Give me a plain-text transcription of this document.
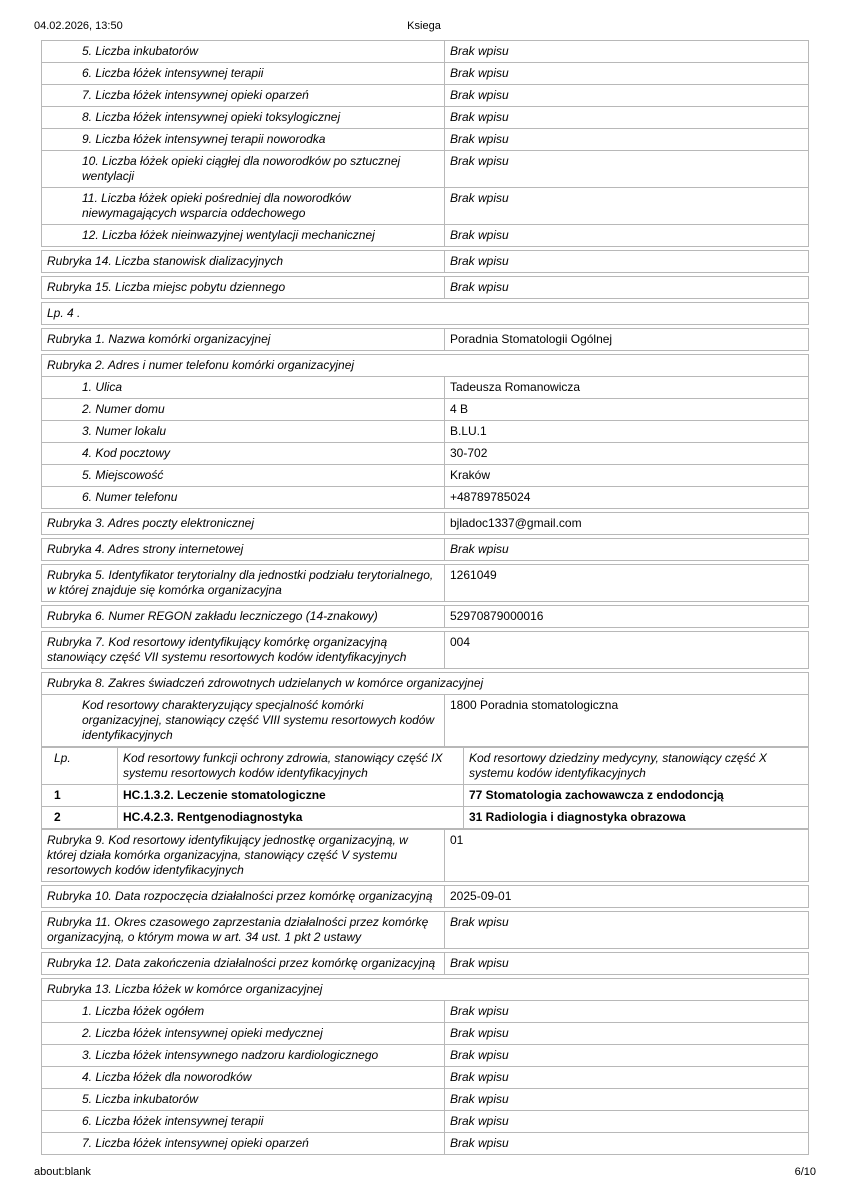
04.02.2026, 13:50	Ksiega
5. Liczba inkubatorów	Brak wpisu
6. Liczba łóżek intensywnej terapii	Brak wpisu
7. Liczba łóżek intensywnej opieki oparzeń	Brak wpisu
8. Liczba łóżek intensywnej opieki toksylogicznej	Brak wpisu
9. Liczba łóżek intensywnej terapii noworodka	Brak wpisu
10. Liczba łóżek opieki ciągłej dla noworodków po sztucznej wentylacji	Brak wpisu
11. Liczba łóżek opieki pośredniej dla noworodków niewymagających wsparcia oddechowego	Brak wpisu
12. Liczba łóżek nieinwazyjnej wentylacji mechanicznej	Brak wpisu

Rubryka 14. Liczba stanowisk dializacyjnych	Brak wpisu

Rubryka 15. Liczba miejsc pobytu dziennego	Brak wpisu

Lp. 4 .	

Rubryka 1. Nazwa komórki organizacyjnej	Poradnia Stomatologii Ogólnej

Rubryka 2. Adres i numer telefonu komórki organizacyjnej	
1. Ulica	Tadeusza Romanowicza
2. Numer domu	4 B
3. Numer lokalu	B.LU.1
4. Kod pocztowy	30-702
5. Miejscowość	Kraków
6. Numer telefonu	+48789785024

Rubryka 3. Adres poczty elektronicznej	bjladoc1337@gmail.com

Rubryka 4. Adres strony internetowej	Brak wpisu

Rubryka 5. Identyfikator terytorialny dla jednostki podziału terytorialnego, w której znajduje się komórka organizacyjna	1261049

Rubryka 6. Numer REGON zakładu leczniczego (14-znakowy)	52970879000016

Rubryka 7. Kod resortowy identyfikujący komórkę organizacyjną stanowiący część VII systemu resortowych kodów identyfikacyjnych	004

Rubryka 8. Zakres świadczeń zdrowotnych udzielanych w komórce organizacyjnej	
Kod resortowy charakteryzujący specjalność komórki organizacyjnej, stanowiący część VIII systemu resortowych kodów identyfikacyjnych	1800 Poradnia stomatologiczna
Lp.	Kod resortowy funkcji ochrony zdrowia, stanowiący część IX systemu resortowych kodów identyfikacyjnych	Kod resortowy dziedziny medycyny, stanowiący część X systemu kodów identyfikacyjnych
1	HC.1.3.2. Leczenie stomatologiczne	77 Stomatologia zachowawcza z endodoncją
2	HC.4.2.3. Rentgenodiagnostyka	31 Radiologia i diagnostyka obrazowa
Rubryka 9. Kod resortowy identyfikujący jednostkę organizacyjną, w której działa komórka organizacyjna, stanowiący część V systemu resortowych kodów identyfikacyjnych	01

Rubryka 10. Data rozpoczęcia działalności przez komórkę organizacyjną	2025-09-01

Rubryka 11. Okres czasowego zaprzestania działalności przez komórkę organizacyjną, o którym mowa w art. 34 ust. 1 pkt 2 ustawy	Brak wpisu

Rubryka 12. Data zakończenia działalności przez komórkę organizacyjną	Brak wpisu

Rubryka 13. Liczba łóżek w komórce organizacyjnej	
1. Liczba łóżek ogółem	Brak wpisu
2. Liczba łóżek intensywnej opieki medycznej	Brak wpisu
3. Liczba łóżek intensywnego nadzoru kardiologicznego	Brak wpisu
4. Liczba łóżek dla noworodków	Brak wpisu
5. Liczba inkubatorów	Brak wpisu
6. Liczba łóżek intensywnej terapii	Brak wpisu
7. Liczba łóżek intensywnej opieki oparzeń	Brak wpisu
about:blank	6/10
